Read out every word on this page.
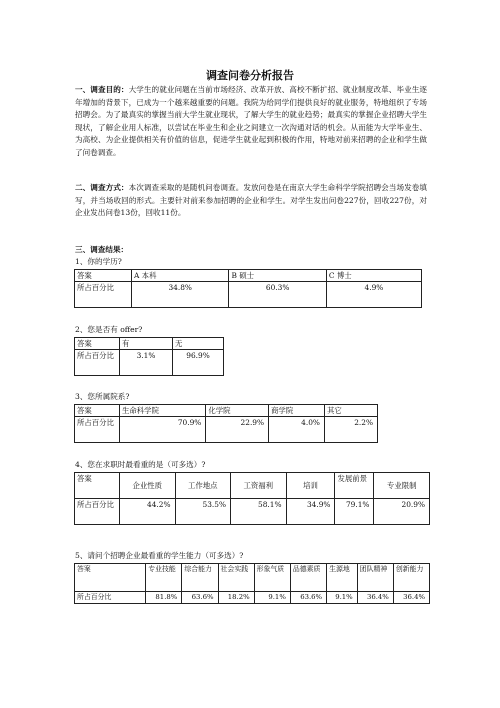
调查问卷分析报告
一、调查目的：大学生的就业问题在当前市场经济、改革开放、高校不断扩招、就业制度改革、毕业生逐年增加的背景下，已成为一个越来越重要的问题。我院为给同学们提供良好的就业服务，特地组织了专场招聘会。为了最真实的掌握当前大学生就业现状，了解大学生的就业趋势；最真实的掌握企业招聘大学生现状，了解企业用人标准，以尝试在毕业生和企业之间建立一次沟通对话的机会。从而能为大学毕业生、为高校、为企业提供相关有价值的信息，促进学生就业起到积极的作用，特地对前来招聘的企业和学生做了问卷调查。
二、调查方式：本次调查采取的是随机问卷调查。发放问卷是在南京大学生命科学学院招聘会当场发卷填写，并当场收回的形式。主要针对前来参加招聘的企业和学生。对学生发出问卷227份，回收227份，对企业发出问卷13份，回收11份。
三、调查结果：
1、你的学历?
答案	A 本科	B 硕士	C 博士
所占百分比	34.8%	60.3%	4.9%
2、您是否有 offer?
答案	有	无
所占百分比	3.1%	96.9%
3、您所属院系?
答案	生命科学院	化学院	商学院	其它
所占百分比	70.9%	22.9%	4.0%	2.2%
4、您在求职时最看重的是（可多选）?
答案	企业性质	工作地点	工资福利	培训	发展前景	专业限制
所占百分比	44.2%	53.5%	58.1%	34.9%	79.1%	20.9%
5、请问个招聘企业最看重的学生能力（可多选）?
答案	专业技能	综合能力	社会实践	形象气质	品德素质	生源地	团队精神	创新能力
所占百分比	81.8%	63.6%	18.2%	9.1%	63.6%	9.1%	36.4%	36.4%
